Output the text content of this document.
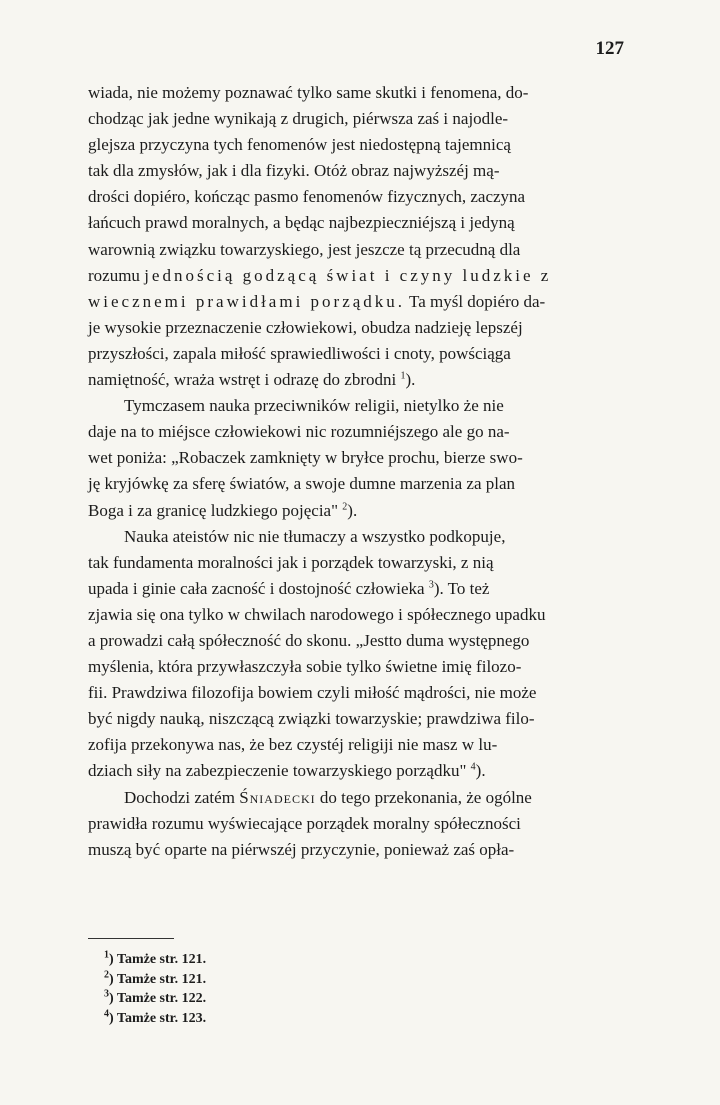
127

wiada, nie możemy poznawać tylko same skutki i fenomena, do-
chodząc jak jedne wynikają z drugich, piérwsza zaś i najodle-
glejsza przyczyna tych fenomenów jest niedostępną tajemnicą
tak dla zmysłów, jak i dla fizyki. Otóż obraz najwyższéj mą-
drości dopiéro, kończąc pasmo fenomenów fizycznych, zaczyna
łańcuch prawd moralnych, a będąc najbezpieczniéjszą i jedyną
warownią związku towarzyskiego, jest jeszcze tą przecudną dla
rozumu jednością godzącą świat i czyny ludzkie z
wiecznemi prawidłami porządku. Ta myśl dopiéro da-
je wysokie przeznaczenie człowiekowi, obudza nadzieję lepszéj
przyszłości, zapala miłość sprawiedliwości i cnoty, powściąga
namiętność, wraża wstręt i odrazę do zbrodni $^1$).

Tymczasem nauka przeciwników religii, nietylko że nie
daje na to miéjsce człowiekowi nic rozumniéjszego ale go na-
wet poniża: „Robaczek zamknięty w bryłce prochu, bierze swo-
ję kryjówkę za sferę światów, a swoje dumne marzenia za plan
Boga i za granicę ludzkiego pojęcia" $^2$).

Nauka ateistów nic nie tłumaczy a wszystko podkopuje,
tak fundamenta moralności jak i porządek towarzyski, z nią
upada i ginie cała zacność i dostojność człowieka $^3$). To też
zjawia się ona tylko w chwilach narodowego i spółecznego upadku
a prowadzi całą spółeczność do skonu. „Jestto duma występnego
myślenia, która przywłaszczyła sobie tylko świetne imię filozo-
fii. Prawdziwa filozofija bowiem czyli miłość mądrości, nie może
być nigdy nauką, niszczącą związki towarzyskie; prawdziwa filo-
zofija przekonywa nas, że bez czystéj religiji nie masz w lu-
dziach siły na zabezpieczenie towarzyskiego porządku" $^4$).

Dochodzi zatém Śniadecki do tego przekonania, że ogólne
prawidła rozumu wyświecające porządek moralny spółeczności
muszą być oparte na piérwszéj przyczynie, ponieważ zaś opła-

$^1$) Tamże str. 121.
$^2$) Tamże str. 121.
$^3$) Tamże str. 122.
$^4$) Tamże str. 123.
